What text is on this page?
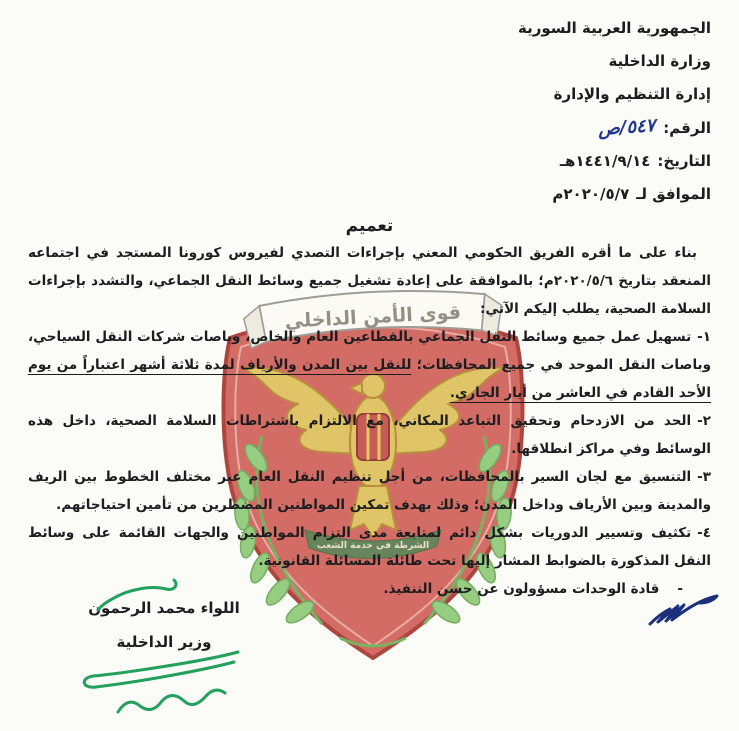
الشرطة في خدمة الشعب
قوى الأمن الداخلي
الجمهورية العربية السورية
وزارة الداخلية
إدارة التنظيم والإدارة
الرقم:٥٤٧/ص
التاريخ:١٤٤١/٩/١٤هـ
الموافق لـ٢٠٢٠/٥/٧م
تعميم

بناء على ما أقره الفريق الحكومي المعني بإجراءات التصدي لفيروس كورونا المستجد في اجتماعه المنعقد بتاريخ ٢٠٢٠/٥/٦م؛ بالموافقة على إعادة تشغيل جميع وسائط النقل الجماعي، والتشدد بإجراءات السلامة الصحية، يطلب إليكم الآتي:

١-تسهيل عمل جميع وسائط النقل الجماعي بالقطاعين العام والخاص، وباصات شركات النقل السياحي، وباصات النقل الموحد في جميع المحافظات؛ للنقل بين المدن والأرياف لمدة ثلاثة أشهر اعتباراً من يوم الأحد القادم في العاشر من أيار الجاري.

٢-الحد من الازدحام وتحقيق التباعد المكاني، مع الالتزام باشتراطات السلامة الصحية، داخل هذه الوسائط وفي مراكز انطلاقها.

٣-التنسيق مع لجان السير بالمحافظات، من أجل تنظيم النقل العام عبر مختلف الخطوط بين الريف والمدينة وبين الأرياف وداخل المدن؛ وذلك بهدف تمكين المواطنين المضطرين من تأمين احتياجاتهم.

٤-تكثيف وتسيير الدوريات بشكل دائم لمتابعة مدى التزام المواطنين والجهات القائمة على وسائط النقل المذكورة بالضوابط المشار إليها تحت طائلة المسائلة القانونية.

-قادة الوحدات مسؤولون عن حسن التنفيذ.

اللواء محمد الرحمون
وزير الداخلية
